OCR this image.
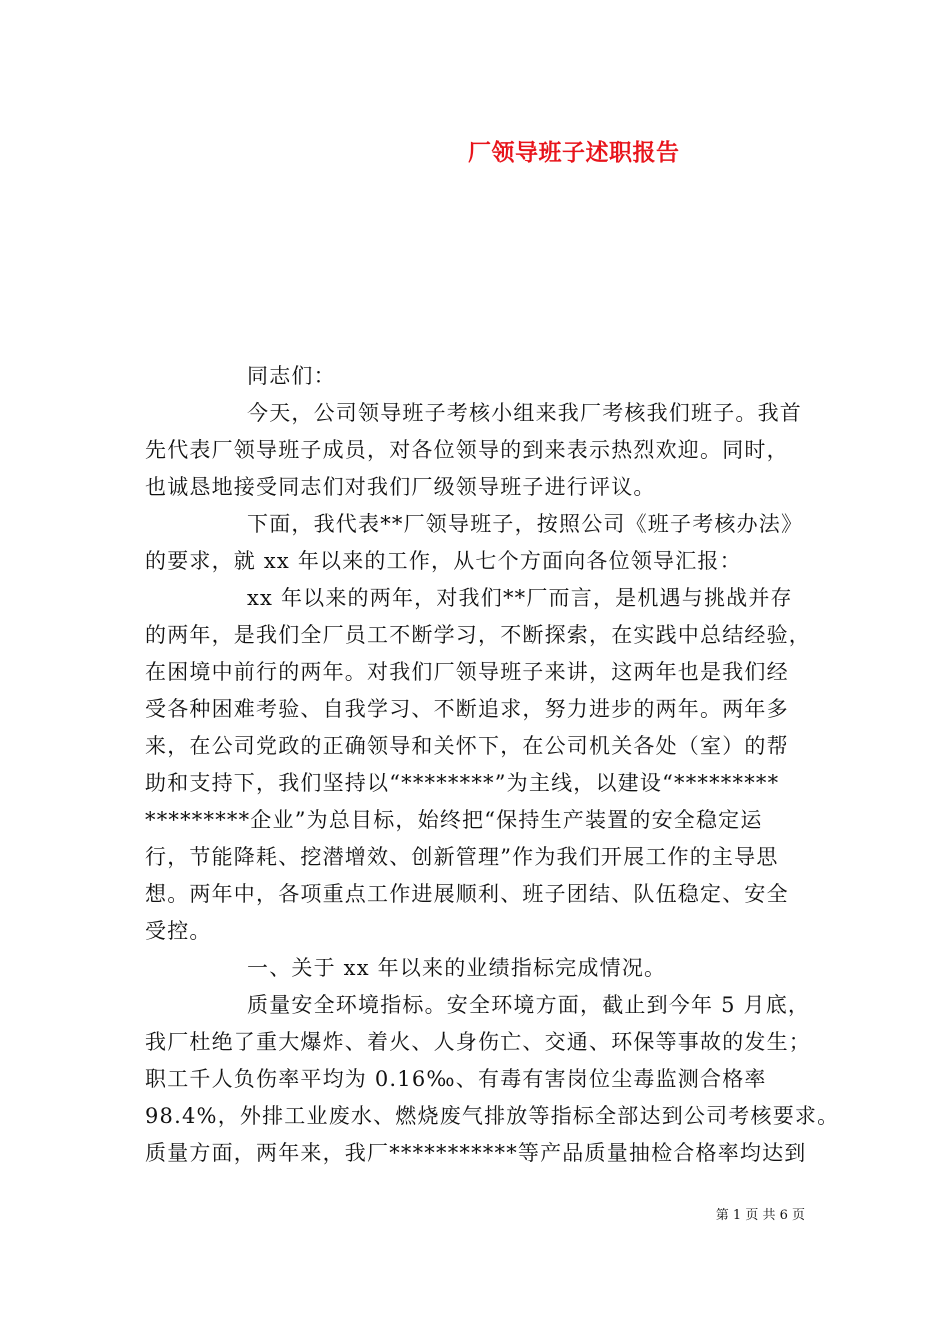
厂领导班子述职报告
同志们：
今天，公司领导班子考核小组来我厂考核我们班子。我首
先代表厂领导班子成员，对各位领导的到来表示热烈欢迎。同时，
也诚恳地接受同志们对我们厂级领导班子进行评议。
下面，我代表**厂领导班子，按照公司《班子考核办法》
的要求，就 xx 年以来的工作，从七个方面向各位领导汇报：
xx 年以来的两年，对我们**厂而言，是机遇与挑战并存
的两年，是我们全厂员工不断学习，不断探索，在实践中总结经验，
在困境中前行的两年。对我们厂领导班子来讲，这两年也是我们经
受各种困难考验、自我学习、不断追求，努力进步的两年。两年多
来，在公司党政的正确领导和关怀下，在公司机关各处（室）的帮
助和支持下，我们坚持以“********”为主线，以建设“*********
*********企业”为总目标，始终把“保持生产装置的安全稳定运
行，节能降耗、挖潜增效、创新管理”作为我们开展工作的主导思
想。两年中，各项重点工作进展顺利、班子团结、队伍稳定、安全
受控。
一、关于 xx 年以来的业绩指标完成情况。
质量安全环境指标。安全环境方面，截止到今年 5 月底，
我厂杜绝了重大爆炸、着火、人身伤亡、交通、环保等事故的发生；
职工千人负伤率平均为 0.16‰、有毒有害岗位尘毒监测合格率
98.4%，外排工业废水、燃烧废气排放等指标全部达到公司考核要求。
质量方面，两年来，我厂***********等产品质量抽检合格率均达到
第 1 页 共 6 页
